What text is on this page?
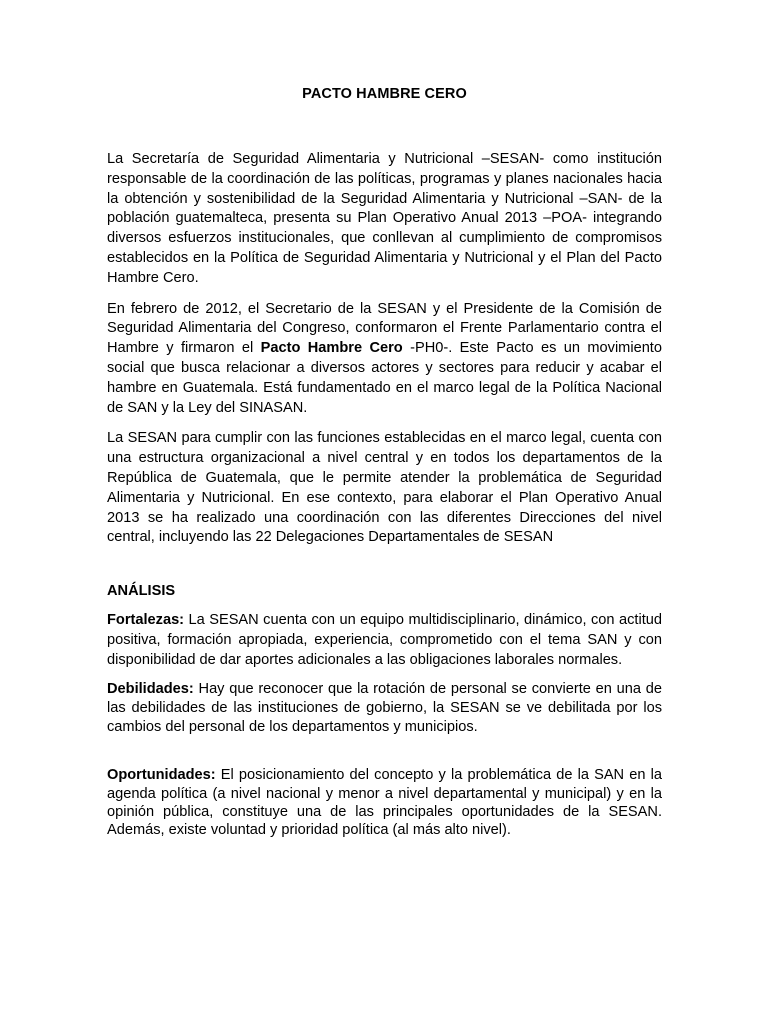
PACTO HAMBRE CERO

La Secretaría de Seguridad Alimentaria y Nutricional –SESAN- como institución responsable de la coordinación de las políticas, programas y planes nacionales hacia la obtención y sostenibilidad de la Seguridad Alimentaria y Nutricional –SAN- de la población guatemalteca, presenta su Plan Operativo Anual 2013 –POA- integrando diversos esfuerzos institucionales, que conllevan al cumplimiento de compromisos establecidos en la Política de Seguridad Alimentaria y Nutricional y el Plan del Pacto Hambre Cero.

En febrero de 2012, el Secretario de la SESAN y el Presidente de la Comisión de Seguridad Alimentaria del Congreso, conformaron el Frente Parlamentario contra el Hambre y firmaron el Pacto Hambre Cero -PH0-. Este Pacto es un movimiento social que busca relacionar a diversos actores y sectores para reducir y acabar el hambre en Guatemala. Está fundamentado en el marco legal de la Política Nacional de SAN y la Ley del SINASAN.

La SESAN para cumplir con las funciones establecidas en el marco legal, cuenta con una estructura organizacional a nivel central y en todos los departamentos de la República de Guatemala, que le permite atender la problemática de Seguridad Alimentaria y Nutricional. En ese contexto, para elaborar el Plan Operativo Anual 2013 se ha realizado una coordinación con las diferentes Direcciones del nivel central, incluyendo las 22 Delegaciones Departamentales de SESAN

ANÁLISIS

Fortalezas: La SESAN cuenta con un equipo multidisciplinario, dinámico, con actitud positiva, formación apropiada, experiencia, comprometido con el tema SAN y con disponibilidad de dar aportes adicionales a las obligaciones laborales normales.

Debilidades: Hay que reconocer que la rotación de personal se convierte en una de las debilidades de las instituciones de gobierno, la SESAN se ve debilitada por los cambios del personal de los departamentos y municipios.

Oportunidades: El posicionamiento del concepto y la problemática de la SAN en la agenda política (a nivel nacional y menor a nivel departamental y municipal) y en la opinión pública, constituye una de las principales oportunidades de la SESAN. Además, existe voluntad y prioridad política (al más alto nivel).
